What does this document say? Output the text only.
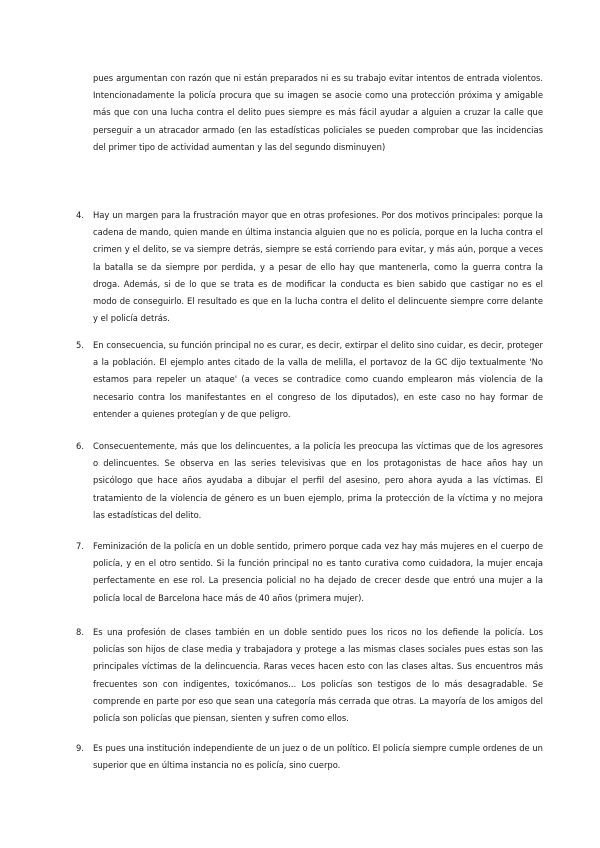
pues argumentan con razón que ni están preparados ni es su trabajo evitar intentos de entrada violentos. Intencionadamente la policía procura que su imagen se asocie como una protección próxima y amigable más que con una lucha contra el delito pues siempre es más fácil ayudar a alguien a cruzar la calle que perseguir a un atracador armado (en las estadísticas policiales se pueden comprobar que las incidencias del primer tipo de actividad aumentan y las del segundo disminuyen)

4.	Hay un margen para la frustración mayor que en otras profesiones. Por dos motivos principales: porque la cadena de mando, quien mande en última instancia alguien que no es policía, porque en la lucha contra el crimen y el delito, se va siempre detrás, siempre se está corriendo para evitar, y más aún, porque a veces la batalla se da siempre por perdida, y a pesar de ello hay que mantenerla, como la guerra contra la droga. Además, si de lo que se trata es de modificar la conducta es bien sabido que castigar no es el modo de conseguirlo. El resultado es que en la lucha contra el delito el delincuente siempre corre delante y el policía detrás.

5.	En consecuencia, su función principal no es curar, es decir, extirpar el delito sino cuidar, es decir, proteger a la población. El ejemplo antes citado de la valla de melilla, el portavoz de la GC dijo textualmente 'No estamos para repeler un ataque' (a veces se contradice como cuando emplearon más violencia de la necesario contra los manifestantes en el congreso de los diputados), en este caso no hay formar de entender a quienes protegían y de que peligro.

6.	Consecuentemente, más que los delincuentes, a la policía les preocupa las víctimas que de los agresores o delincuentes. Se observa en las series televisivas que en los protagonistas de hace años hay un psicólogo que hace años ayudaba a dibujar el perfil del asesino, pero ahora ayuda a las víctimas. El tratamiento de la violencia de género es un buen ejemplo, prima la protección de la víctima y no mejora las estadísticas del delito.

7.	Feminización de la policía en un doble sentido, primero porque cada vez hay más mujeres en el cuerpo de policía, y en el otro sentido. Si la función principal no es tanto curativa como cuidadora, la mujer encaja perfectamente en ese rol. La presencia policial no ha dejado de crecer desde que entró una mujer a la policía local de Barcelona hace más de 40 años (primera mujer).

8.	Es una profesión de clases también en un doble sentido pues los ricos no los defiende la policía. Los policías son hijos de clase media y trabajadora y protege a las mismas clases sociales pues estas son las principales víctimas de la delincuencia. Raras veces hacen esto con las clases altas. Sus encuentros más frecuentes son con indigentes, toxicómanos... Los policías son testigos de lo más desagradable. Se comprende en parte por eso que sean una categoría más cerrada que otras. La mayoría de los amigos del policía son policías que piensan, sienten y sufren como ellos.

9.	Es pues una institución independiente de un juez o de un político. El policía siempre cumple ordenes de un superior que en última instancia no es policía, sino cuerpo.
